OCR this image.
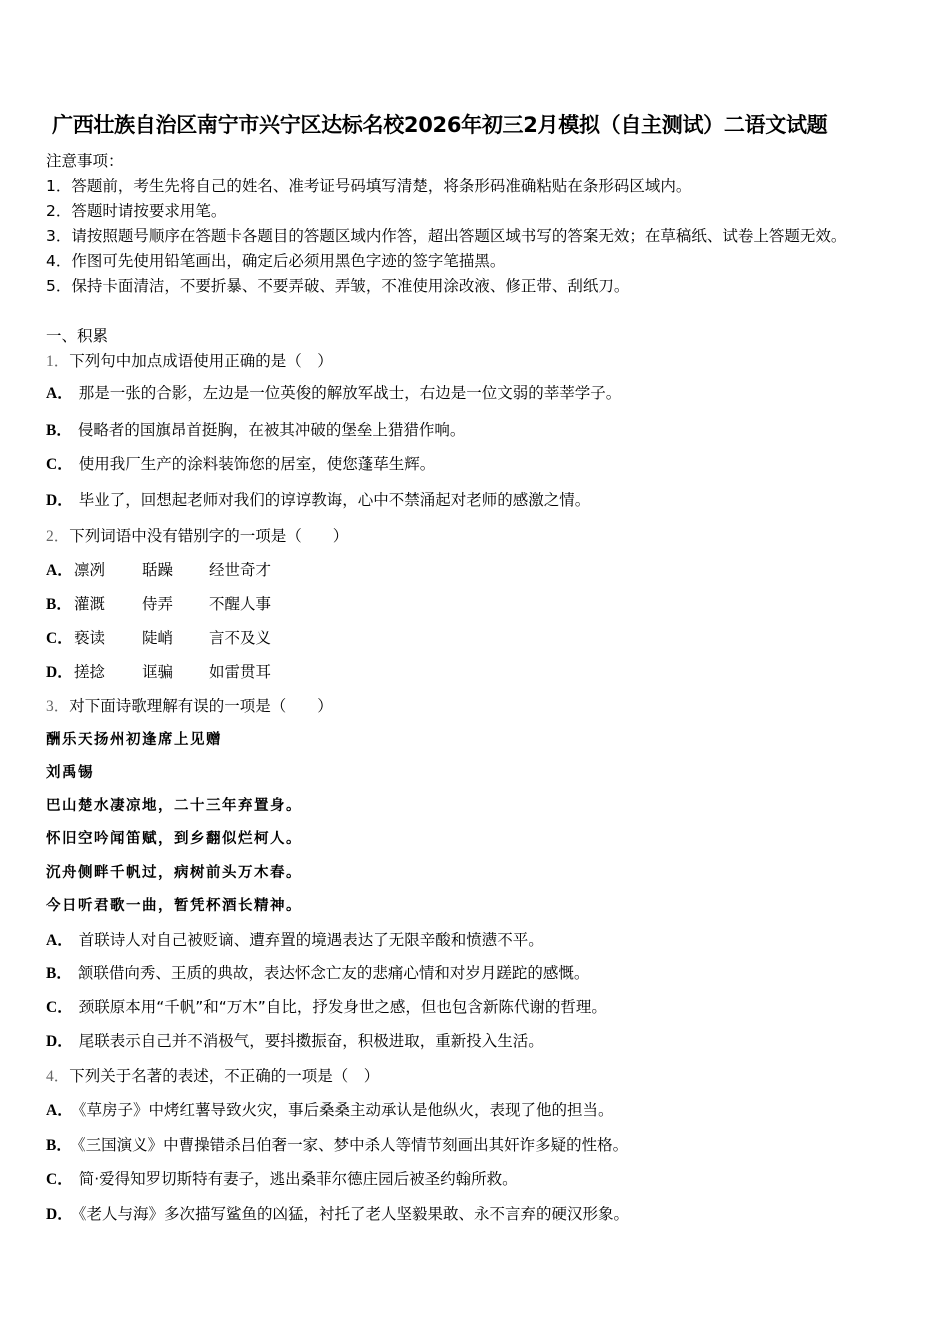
广西壮族自治区南宁市兴宁区达标名校2026年初三2月模拟（自主测试）二语文试题
注意事项：
1．答题前，考生先将自己的姓名、准考证号码填写清楚，将条形码准确粘贴在条形码区域内。
2．答题时请按要求用笔。
3．请按照题号顺序在答题卡各题目的答题区域内作答，超出答题区域书写的答案无效；在草稿纸、试卷上答题无效。
4．作图可先使用铅笔画出，确定后必须用黑色字迹的签字笔描黑。
5．保持卡面清洁，不要折暴、不要弄破、弄皱，不准使用涂改液、修正带、刮纸刀。
一、积累
1．下列句中加点成语使用正确的是（　）
A． 那是一张的合影，左边是一位英俊的解放军战士，右边是一位文弱的莘莘学子。
B． 侵略者的国旗昂首挺胸，在被其冲破的堡垒上猎猎作响。
C． 使用我厂生产的涂料装饰您的居室，使您蓬荜生辉。
D． 毕业了，回想起老师对我们的谆谆教诲，心中不禁涌起对老师的感激之情。
2．下列词语中没有错别字的一项是（　　）
A． 凛冽 聒躁 经世奇才
B． 灌溉 侍弄 不醒人事
C． 亵读 陡峭 言不及义
D． 搓捻 诓骗 如雷贯耳
3．对下面诗歌理解有误的一项是（　　）
酬乐天扬州初逢席上见赠
刘禹锡
巴山楚水凄凉地，二十三年弃置身。
怀旧空吟闻笛赋，到乡翻似烂柯人。
沉舟侧畔千帆过，病树前头万木春。
今日听君歌一曲，暂凭杯酒长精神。
A． 首联诗人对自己被贬谪、遭弃置的境遇表达了无限辛酸和愤懑不平。
B． 颔联借向秀、王质的典故，表达怀念亡友的悲痛心情和对岁月蹉跎的感慨。
C． 颈联原本用“千帆”和“万木”自比，抒发身世之感，但也包含新陈代谢的哲理。
D． 尾联表示自己并不消极气，要抖擞振奋，积极进取，重新投入生活。
4．下列关于名著的表述，不正确的一项是（　）
A． 《草房子》中烤红薯导致火灾，事后桑桑主动承认是他纵火，表现了他的担当。
B． 《三国演义》中曹操错杀吕伯奢一家、梦中杀人等情节刻画出其奸诈多疑的性格。
C． 简·爱得知罗切斯特有妻子，逃出桑菲尔德庄园后被圣约翰所救。
D． 《老人与海》多次描写鲨鱼的凶猛，衬托了老人坚毅果敢、永不言弃的硬汉形象。
